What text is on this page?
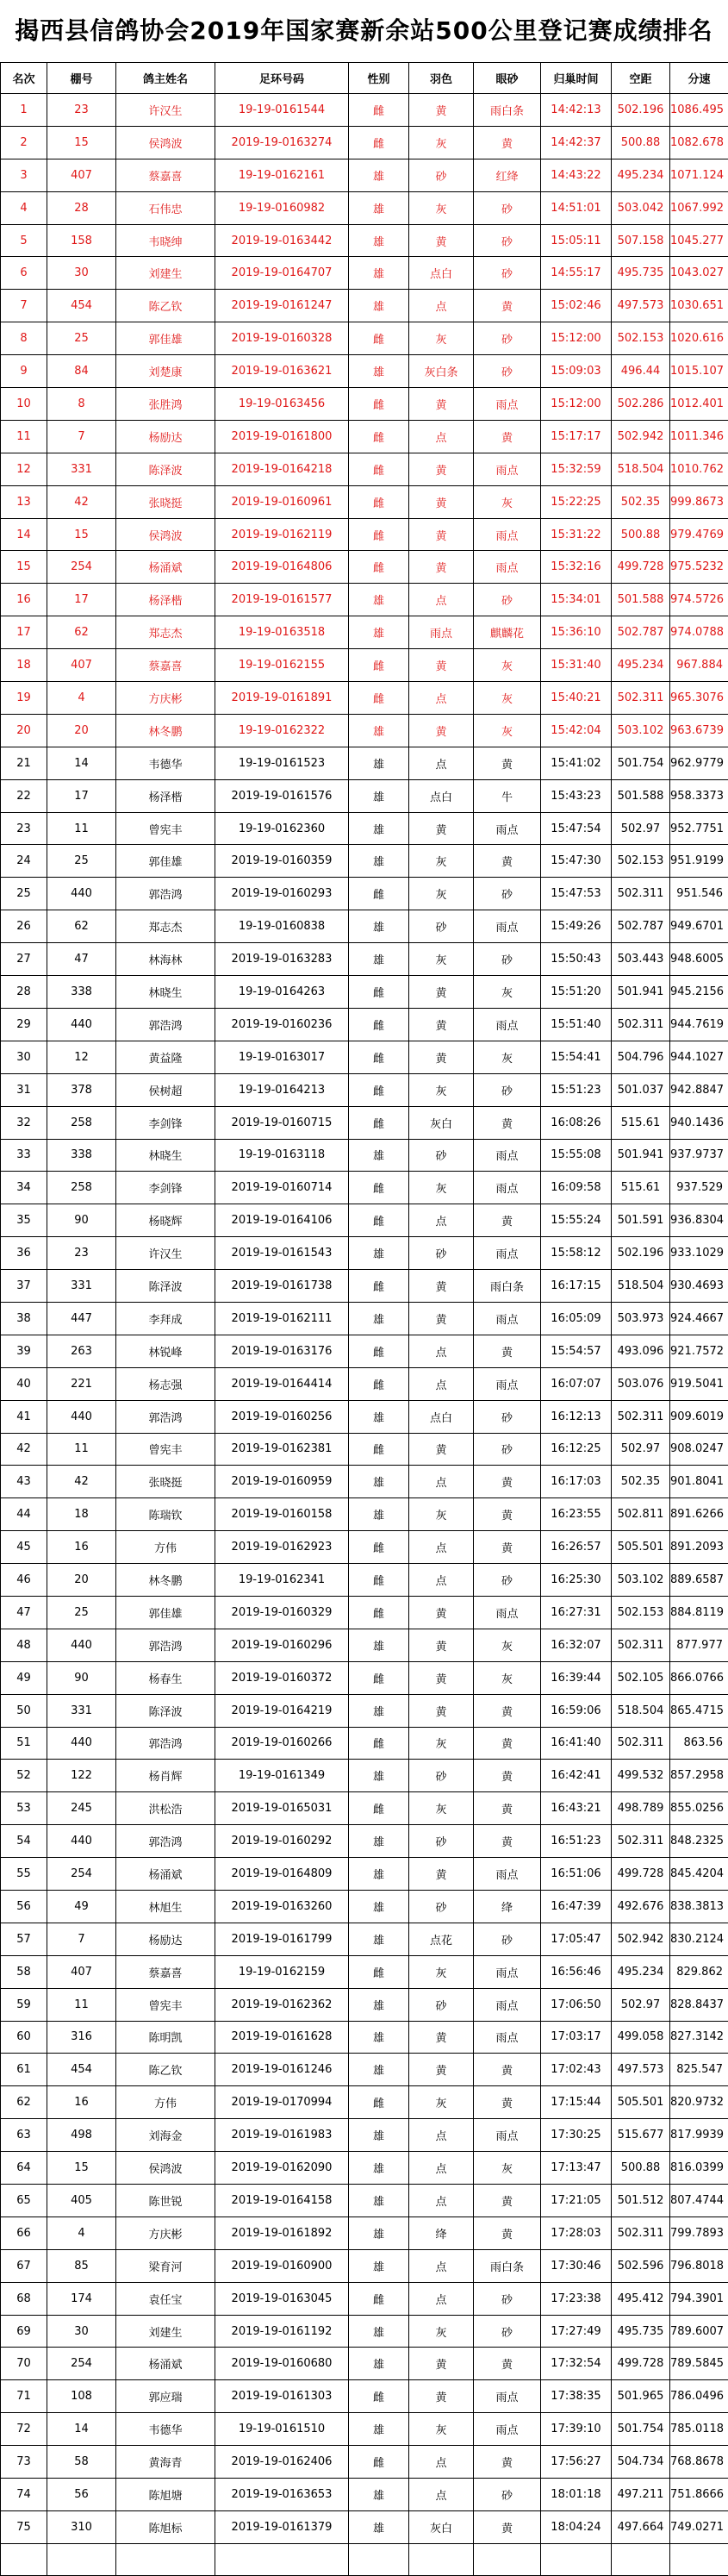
揭西县信鸽协会2019年国家赛新余站500公里登记赛成绩排名
名次	棚号	鸽主姓名	足环号码	性别	羽色	眼砂	归巢时间	空距	分速
1	23	许汉生	19-19-0161544	雌	黄	雨白条	14:42:13	502.196	1086.495
2	15	侯鸿波	2019-19-0163274	雌	灰	黄	14:42:37	500.88	1082.678
3	407	蔡嘉喜	19-19-0162161	雄	砂	红绛	14:43:22	495.234	1071.124
4	28	石伟忠	19-19-0160982	雄	灰	砂	14:51:01	503.042	1067.992
5	158	韦晓绅	2019-19-0163442	雄	黄	砂	15:05:11	507.158	1045.277
6	30	刘建生	2019-19-0164707	雄	点白	砂	14:55:17	495.735	1043.027
7	454	陈乙钦	2019-19-0161247	雄	点	黄	15:02:46	497.573	1030.651
8	25	郭佳雄	2019-19-0160328	雌	灰	砂	15:12:00	502.153	1020.616
9	84	刘楚康	2019-19-0163621	雄	灰白条	砂	15:09:03	496.44	1015.107
10	8	张胜鸿	19-19-0163456	雌	黄	雨点	15:12:00	502.286	1012.401
11	7	杨励达	2019-19-0161800	雌	点	黄	15:17:17	502.942	1011.346
12	331	陈泽波	2019-19-0164218	雌	黄	雨点	15:32:59	518.504	1010.762
13	42	张晓挺	2019-19-0160961	雌	黄	灰	15:22:25	502.35	999.8673
14	15	侯鸿波	2019-19-0162119	雌	黄	雨点	15:31:22	500.88	979.4769
15	254	杨涌斌	2019-19-0164806	雌	黄	雨点	15:32:16	499.728	975.5232
16	17	杨泽楷	2019-19-0161577	雄	点	砂	15:34:01	501.588	974.5726
17	62	郑志杰	19-19-0163518	雄	雨点	麒麟花	15:36:10	502.787	974.0788
18	407	蔡嘉喜	19-19-0162155	雌	黄	灰	15:31:40	495.234	967.884
19	4	方庆彬	2019-19-0161891	雌	点	灰	15:40:21	502.311	965.3076
20	20	林冬鹏	19-19-0162322	雄	黄	灰	15:42:04	503.102	963.6739
21	14	韦德华	19-19-0161523	雄	点	黄	15:41:02	501.754	962.9779
22	17	杨泽楷	2019-19-0161576	雄	点白	牛	15:43:23	501.588	958.3373
23	11	曾宪丰	19-19-0162360	雄	黄	雨点	15:47:54	502.97	952.7751
24	25	郭佳雄	2019-19-0160359	雄	灰	黄	15:47:30	502.153	951.9199
25	440	郭浩鸿	2019-19-0160293	雌	灰	砂	15:47:53	502.311	951.546
26	62	郑志杰	19-19-0160838	雄	砂	雨点	15:49:26	502.787	949.6701
27	47	林海林	2019-19-0163283	雄	灰	砂	15:50:43	503.443	948.6005
28	338	林晓生	19-19-0164263	雌	黄	灰	15:51:20	501.941	945.2156
29	440	郭浩鸿	2019-19-0160236	雌	黄	雨点	15:51:40	502.311	944.7619
30	12	黄益隆	19-19-0163017	雌	黄	灰	15:54:41	504.796	944.1027
31	378	侯树超	19-19-0164213	雌	灰	砂	15:51:23	501.037	942.8847
32	258	李剑锋	2019-19-0160715	雌	灰白	黄	16:08:26	515.61	940.1436
33	338	林晓生	19-19-0163118	雄	砂	雨点	15:55:08	501.941	937.9737
34	258	李剑锋	2019-19-0160714	雌	灰	雨点	16:09:58	515.61	937.529
35	90	杨晓辉	2019-19-0164106	雌	点	黄	15:55:24	501.591	936.8304
36	23	许汉生	2019-19-0161543	雄	砂	雨点	15:58:12	502.196	933.1029
37	331	陈泽波	2019-19-0161738	雌	黄	雨白条	16:17:15	518.504	930.4693
38	447	李拜成	2019-19-0162111	雄	黄	雨点	16:05:09	503.973	924.4667
39	263	林锐峰	2019-19-0163176	雌	点	黄	15:54:57	493.096	921.7572
40	221	杨志强	2019-19-0164414	雌	点	雨点	16:07:07	503.076	919.5041
41	440	郭浩鸿	2019-19-0160256	雄	点白	砂	16:12:13	502.311	909.6019
42	11	曾宪丰	2019-19-0162381	雌	黄	砂	16:12:25	502.97	908.0247
43	42	张晓挺	2019-19-0160959	雄	点	黄	16:17:03	502.35	901.8041
44	18	陈瑞钦	2019-19-0160158	雄	灰	黄	16:23:55	502.811	891.6266
45	16	方伟	2019-19-0162923	雌	点	黄	16:26:57	505.501	891.2093
46	20	林冬鹏	19-19-0162341	雌	点	砂	16:25:30	503.102	889.6587
47	25	郭佳雄	2019-19-0160329	雌	黄	雨点	16:27:31	502.153	884.8119
48	440	郭浩鸿	2019-19-0160296	雄	黄	灰	16:32:07	502.311	877.977
49	90	杨春生	2019-19-0160372	雌	黄	灰	16:39:44	502.105	866.0766
50	331	陈泽波	2019-19-0164219	雄	黄	黄	16:59:06	518.504	865.4715
51	440	郭浩鸿	2019-19-0160266	雌	灰	黄	16:41:40	502.311	863.56
52	122	杨肖辉	19-19-0161349	雄	砂	黄	16:42:41	499.532	857.2958
53	245	洪松浩	2019-19-0165031	雌	灰	黄	16:43:21	498.789	855.0256
54	440	郭浩鸿	2019-19-0160292	雄	砂	黄	16:51:23	502.311	848.2325
55	254	杨涌斌	2019-19-0164809	雄	黄	雨点	16:51:06	499.728	845.4204
56	49	林旭生	2019-19-0163260	雄	砂	绛	16:47:39	492.676	838.3813
57	7	杨励达	2019-19-0161799	雄	点花	砂	17:05:47	502.942	830.2124
58	407	蔡嘉喜	19-19-0162159	雌	灰	雨点	16:56:46	495.234	829.862
59	11	曾宪丰	2019-19-0162362	雄	砂	雨点	17:06:50	502.97	828.8437
60	316	陈明凯	2019-19-0161628	雄	黄	雨点	17:03:17	499.058	827.3142
61	454	陈乙钦	2019-19-0161246	雄	黄	黄	17:02:43	497.573	825.547
62	16	方伟	2019-19-0170994	雌	灰	黄	17:15:44	505.501	820.9732
63	498	刘海金	2019-19-0161983	雄	点	雨点	17:30:25	515.677	817.9939
64	15	侯鸿波	2019-19-0162090	雄	点	灰	17:13:47	500.88	816.0399
65	405	陈世锐	2019-19-0164158	雄	点	黄	17:21:05	501.512	807.4744
66	4	方庆彬	2019-19-0161892	雄	绛	黄	17:28:03	502.311	799.7893
67	85	梁育河	2019-19-0160900	雄	点	雨白条	17:30:46	502.596	796.8018
68	174	袁任宝	2019-19-0163045	雌	点	砂	17:23:38	495.412	794.3901
69	30	刘建生	2019-19-0161192	雄	灰	砂	17:27:49	495.735	789.6007
70	254	杨涌斌	2019-19-0160680	雄	黄	黄	17:32:54	499.728	789.5845
71	108	郭应瑞	2019-19-0161303	雌	黄	雨点	17:38:35	501.965	786.0496
72	14	韦德华	19-19-0161510	雄	灰	雨点	17:39:10	501.754	785.0118
73	58	黄海青	2019-19-0162406	雌	点	黄	17:56:27	504.734	768.8678
74	56	陈旭塘	2019-19-0163653	雄	点	砂	18:01:18	497.211	751.8666
75	310	陈旭标	2019-19-0161379	雄	灰白	黄	18:04:24	497.664	749.0271
